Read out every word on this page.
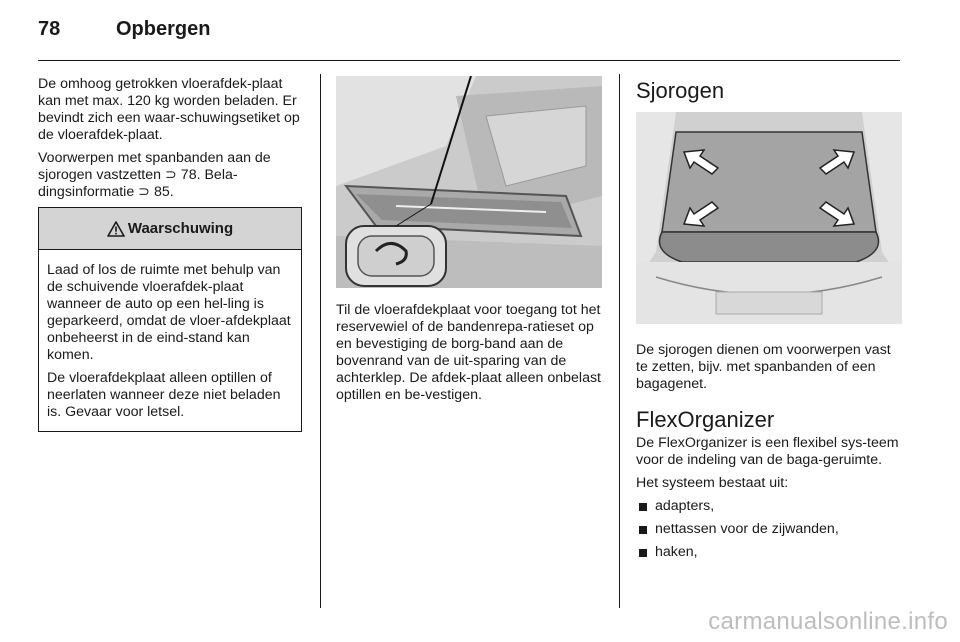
78	Opbergen

De omhoog getrokken vloerafdek-plaat kan met max. 120 kg worden beladen. Er bevindt zich een waar-schuwingsetiket op de vloerafdek-plaat.

Voorwerpen met spanbanden aan de sjorogen vastzetten ⊃ 78. Bela-dingsinformatie ⊃ 85.

Waarschuwing

Laad of los de ruimte met behulp van de schuivende vloerafdek-plaat wanneer de auto op een hel-ling is geparkeerd, omdat de vloer-afdekplaat onbeheerst in de eind-stand kan komen.

De vloerafdekplaat alleen optillen of neerlaten wanneer deze niet beladen is. Gevaar voor letsel.

Til de vloerafdekplaat voor toegang tot het reservewiel of de bandenrepa-ratieset op en bevestiging de borg-band aan de bovenrand van de uit-sparing van de achterklep. De afdek-plaat alleen onbelast optillen en be-vestigen.

Sjorogen

De sjorogen dienen om voorwerpen vast te zetten, bijv. met spanbanden of een bagagenet.

FlexOrganizer

De FlexOrganizer is een flexibel sys-teem voor de indeling van de baga-geruimte.

Het systeem bestaat uit:

adapters,
nettassen voor de zijwanden,
haken,
carmanualsonline.info
